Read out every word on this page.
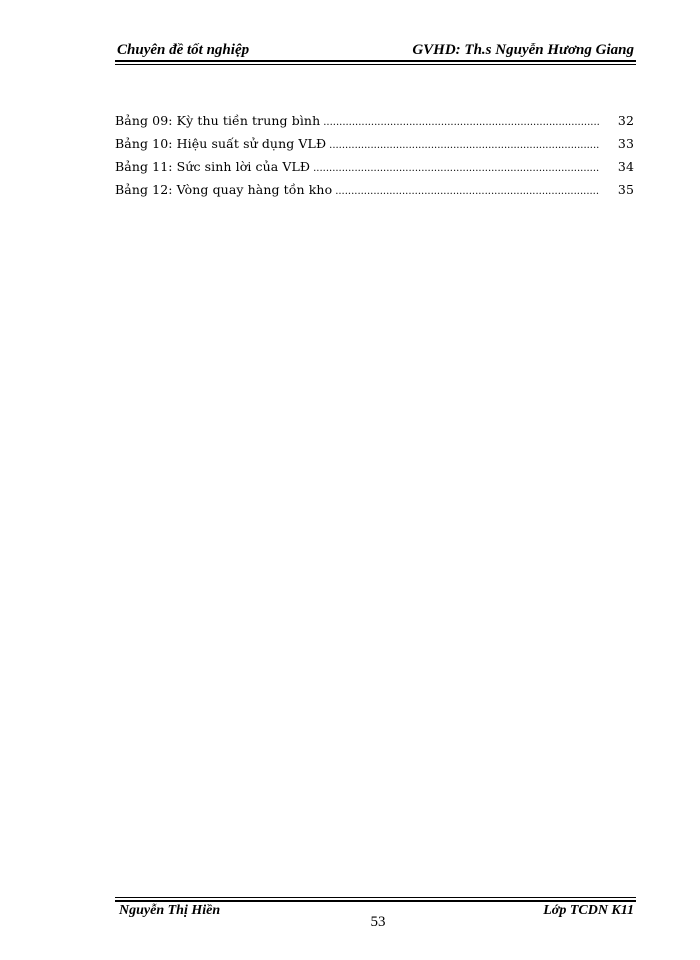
Chuyên đề tốt nghiệp	GVHD: Th.s Nguyễn Hương Giang
Bảng 09: Kỳ thu tiền trung bình .....	32
Bảng 10: Hiệu suất sử dụng VLĐ .....	33
Bảng 11: Sức sinh lời của VLĐ .....	34
Bảng 12: Vòng quay hàng tồn kho .....	35
Nguyễn Thị Hiền	Lớp TCDN K11
53
